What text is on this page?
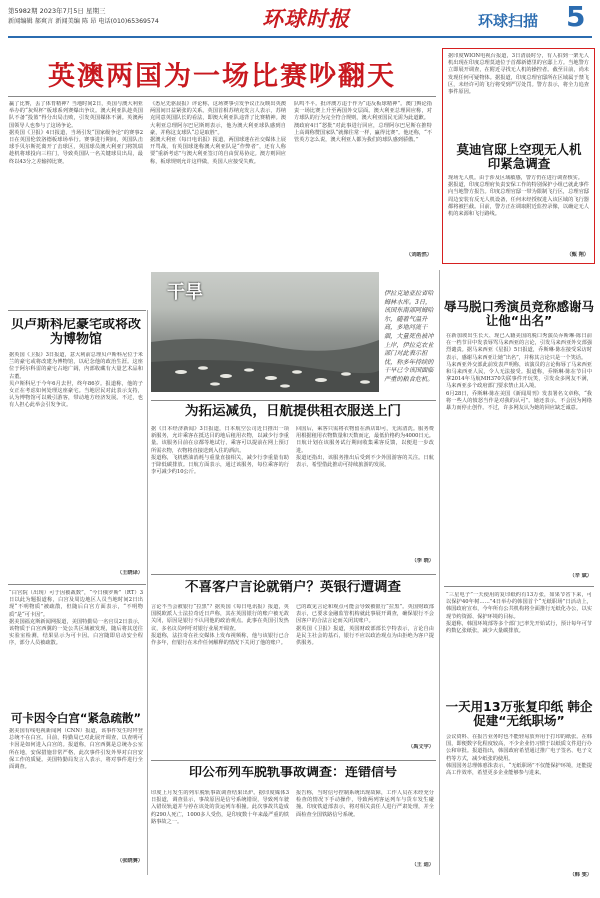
第5982期 2023年7月5日 星期三
新闻编辑 郝爽言 新闻美编 陈 昂 电话(010)65369574	环球时报	环球扫描 5
英澳两国为一场比赛吵翻天
赢了比赛，丢了体育精神？当地时间2日，英国与澳大利亚举办的“灰烬杯”板球系列赛爆出争议。澳大利亚队趁英国队不备“投篮”得分出局击败，引发英国媒体不满。英澳两国领导人也参与了这场争论。
据英国《卫报》4日报道，当场引发“国家级争论”的赛事2日在英国伦敦洛德板球场举行。赛事进行期间，英国队击球手贝尔斯托离开了击球区，英国球员澳大利亚门将凯瑞趁机将球投向三柱门，导致英国队一名关键球员出局，最终以43分之差输掉比赛。
《悉尼先驱晨报》评论称，这场赛事引发争议正反映出英澳两国间日益紧张的关系。英国首相苏纳克发言人表示，苏纳克同意英国队长的看法，即澳大利亚队违背了比赛精神。澳大利亚总理阿尔巴尼斯则表示，他为澳大利亚球队感到自豪，并称这支球队“总是取胜”。
据澳大利亚《每日电讯报》报道，两国球迷在社交媒体上展开骂战，有英国球迷称澳大利亚队是“作弊者”，还有人称要“重新考虑”与澳大利亚签订的自由贸易协定。澳方则回应称，板球规则允许这样做，英国人应接受失败。
队鸣不平。批评澳方违于作为“违反板球精神”。澳门舆论指责一场比赛上升至两国外交层面。澳大利亚总理回应称，对方球队的行为完全符合规则，澳大利亚国民无需为此道歉。
澳政府4日“怒批”对此事进行回应，总理阿尔巴尼斯在推特上高调称赞国家队“就像往常一样，赢得比赛”。他还称，“不管英方怎么说，澳大利亚人都为我们的球队感到骄傲。”
（刘皓然）
干旱	伊拉克迪亚拉省哈姆林水库。3日，该国东南部阿姆哈尔，随着气温升高，多地河流干涸，大量死鱼被冲上岸，伊拉克农业部门对此表示担忧，称多年持续的干旱已令该国面临严重的粮食危机。
据印度WION电视台报道，3日清晨时分，有人拍到一架无人机出现在印度总理莫迪位于首都新德里的官邸上方。当地警方立即展开调查，在附近寻找无人机的操控者。截至目前，尚未发现任何可疑物体。据报道，印度总理官邸所在区域属于禁飞区，未经许可的飞行将受到严厉处罚。警方表示，将全力追查事件原因。
莫迪官邸上空现无人机 印紧急调查
现场无人机。由于涉及区域敏感，警方仍在进行调查核实。
据报道，印度总理府负责安保工作的特别保护小组已就此事件向当地警方报告。印度总理官邸一带为限制飞行区，总理官邸周边安装有反无人机设备，任何未经授权进入该区域的飞行器都将被拦截。目前，警方正在调取附近监控录像，以确定无人机的来源和飞行路线。
（甄 翔）
贝卢斯科尼豪宅或将改为博物馆
据英国《卫报》3日报道，意大利前总理贝卢斯科尼位于米兰的豪宅或将改建为博物馆，以纪念他的政治生涯。这座位于阿尔科雷的豪宅占地广阔，内部收藏有大量艺术品和古董。
贝卢斯科尼于今年6月去世，终年86岁。报道称，他的子女正在考虑如何处理这座豪宅。当地居民对此表示支持，认为博物馆可以吸引游客，带动地方经济发展。不过，也有人担心此举会引发争议。
（王晓译）
“白宫院（出现）可于因被裁数”，“今日俄罗斯”（RT）3日以此为题报道称，白宫及周边地区人员当地时间2日出现“不明物质”被疏散，但随后白宫方面表示，“不明物质”是“可卡因”。
据美国福克斯新闻网报道，美国特勤局一名官员2日表示，该物质于白宫西翼的一处公共区域被发现，随后将其送往实验室检测，结果显示为可卡因。白宫随即启动安全程序，部分人员被疏散。
可卡因令白宫“紧急疏散”
据美国有线电视新闻网（CNN）报道，该事件发生时拜登总统不在白宫。目前，特勤局已对此展开调查，以查明可卡因是如何进入白宫的。报道称，白宫西翼是总统办公室所在地，安保措施非常严格，此次事件引发外界对白宫安保工作的质疑。美国特勤局发言人表示，将对事件进行全面调查。
（张晓赛）
为拓运减负，日航提供租衣服送上门
据《日本经济新闻》3日报道，日本航空公司近日推出一项新服务，允许乘客在抵达目的地后租用衣物，以减少行李重量。该服务目前在京都等地试行，乘客可以提前在网上预订所需衣物，衣物将直接送到入住的酒店。
报道称，飞机燃油消耗与重量直接相关，减少行李重量有助于降低碳排放。日航方面表示，通过该服务，每位乘客的行李可减少约10公斤。
回国后，乘客只需将衣物留在酒店即可，无需清洗。服务费用根据租用衣物数量和天数而定，最低价格约为4000日元。日航计划在该服务试行期间收集乘客反馈，以便进一步改进。
报道还指出，该服务推出后受到不少外国游客的关注。日航表示，希望借此推动可持续旅游的发展。
（李 晓）
不喜客户言论就销户？英银行遭调查
言论不当会被银行“拉黑”？据英国《每日电讯报》报道，英国脱欧派人士法拉奇近日声称，其在英国银行的账户被无故关闭，原因是银行不认同他的政治观点。此事在英国引发热议，多名议员呼吁对银行业展开调查。
报道称，法拉奇在社交媒体上发布视频称，他与该银行已合作多年，但银行在未作任何解释的情况下关闭了他的账户。
已的政见言论和观点可能会导致被银行“拉黑”。英国财政部表示，已要求金融监管机构就此事展开调查，确保银行不会因客户的合法言论而关闭其账户。
据英国《卫报》报道，英国财政部部长亨特表示，言论自由是民主社会的基石，银行不应以政治观点为由拒绝为客户提供服务。
（禹文宇）
印公布列车脱轨事故调查：连错信号
印度上月发生的列车脱轨事故调查结果出炉。据印度媒体3日报道，调查显示，事故原因是信号系统错误，导致列车驶入错误轨道并与停在该处的货运列车相撞。此次事故共造成约290人死亡，1000多人受伤，是印度数十年来最严重的铁路事故之一。
报告称，当时信号控制系统出现故障，工作人员在未经充分检查的情况下手动操作，导致两列客运列车与货车发生碰撞。印度铁道部表示，将对相关责任人进行严肃处理，并全面检查全国铁路信号系统。
（王 迪）
辱马脱口秀演员竞称感谢马让他“出名”
在新加坡出生长大、现已入籍美国的脱口秀演员乔斯琳·陈日前在一档节目中发表辱骂马来西亚的言论，引发马来西亚外交部强烈谴责。据马来西亚《星报》5日报道，乔斯琳·陈在接受采访时表示，感谢马来西亚让她“出名”，并称其言论只是一个笑话。
马来西亚外交部此前发表声明称，该演员的言论侮辱了马来西亚和马来西亚人民，令人无法接受。报道称，乔斯琳·陈在节目中拿2014年马航MH370失联事件开玩笑，引发众多网友不满，马来西亚多个政府部门要求禁止其入境。
6月28日，乔斯琳·陈在美国《新闻周刊》发表署名文章称，“我将一些人的愤怒当作是对我的认可”。她还表示，不会因为网络暴力而停止创作。不过，许多网友认为她的回应缺乏诚意。
（辛 斌）
“三星电子”一天使用的复印纸约有13万张，如果节省下来，可以保护40年树……”4日举办的韩国首个“无纸职场”日活动上，韩国政府宣布，今年所有公共机构将全面推行无纸化办公，以实现节约资源、保护环境的目标。
报道称，韩国环境部等多个部门已率先开始试行，预计每年可节约数亿张纸张，减少大量碳排放。
一天用13万张复印纸 韩企促建“无纸职场”
会议资料、在报告业务时也不能轻易放弃用于打印的纸张。在韩国，即便数字化程度较高，不少企业仍习惯于以纸质文件进行办公和审批。报道指出，韩国政府希望通过推广电子签名、电子文档等方式，减少纸张的使用。
韩国国务总理韩悳洙表示，“无纸职场”不仅能保护环境，还能提高工作效率，希望更多企业能够参与进来。
（韩 雯）
